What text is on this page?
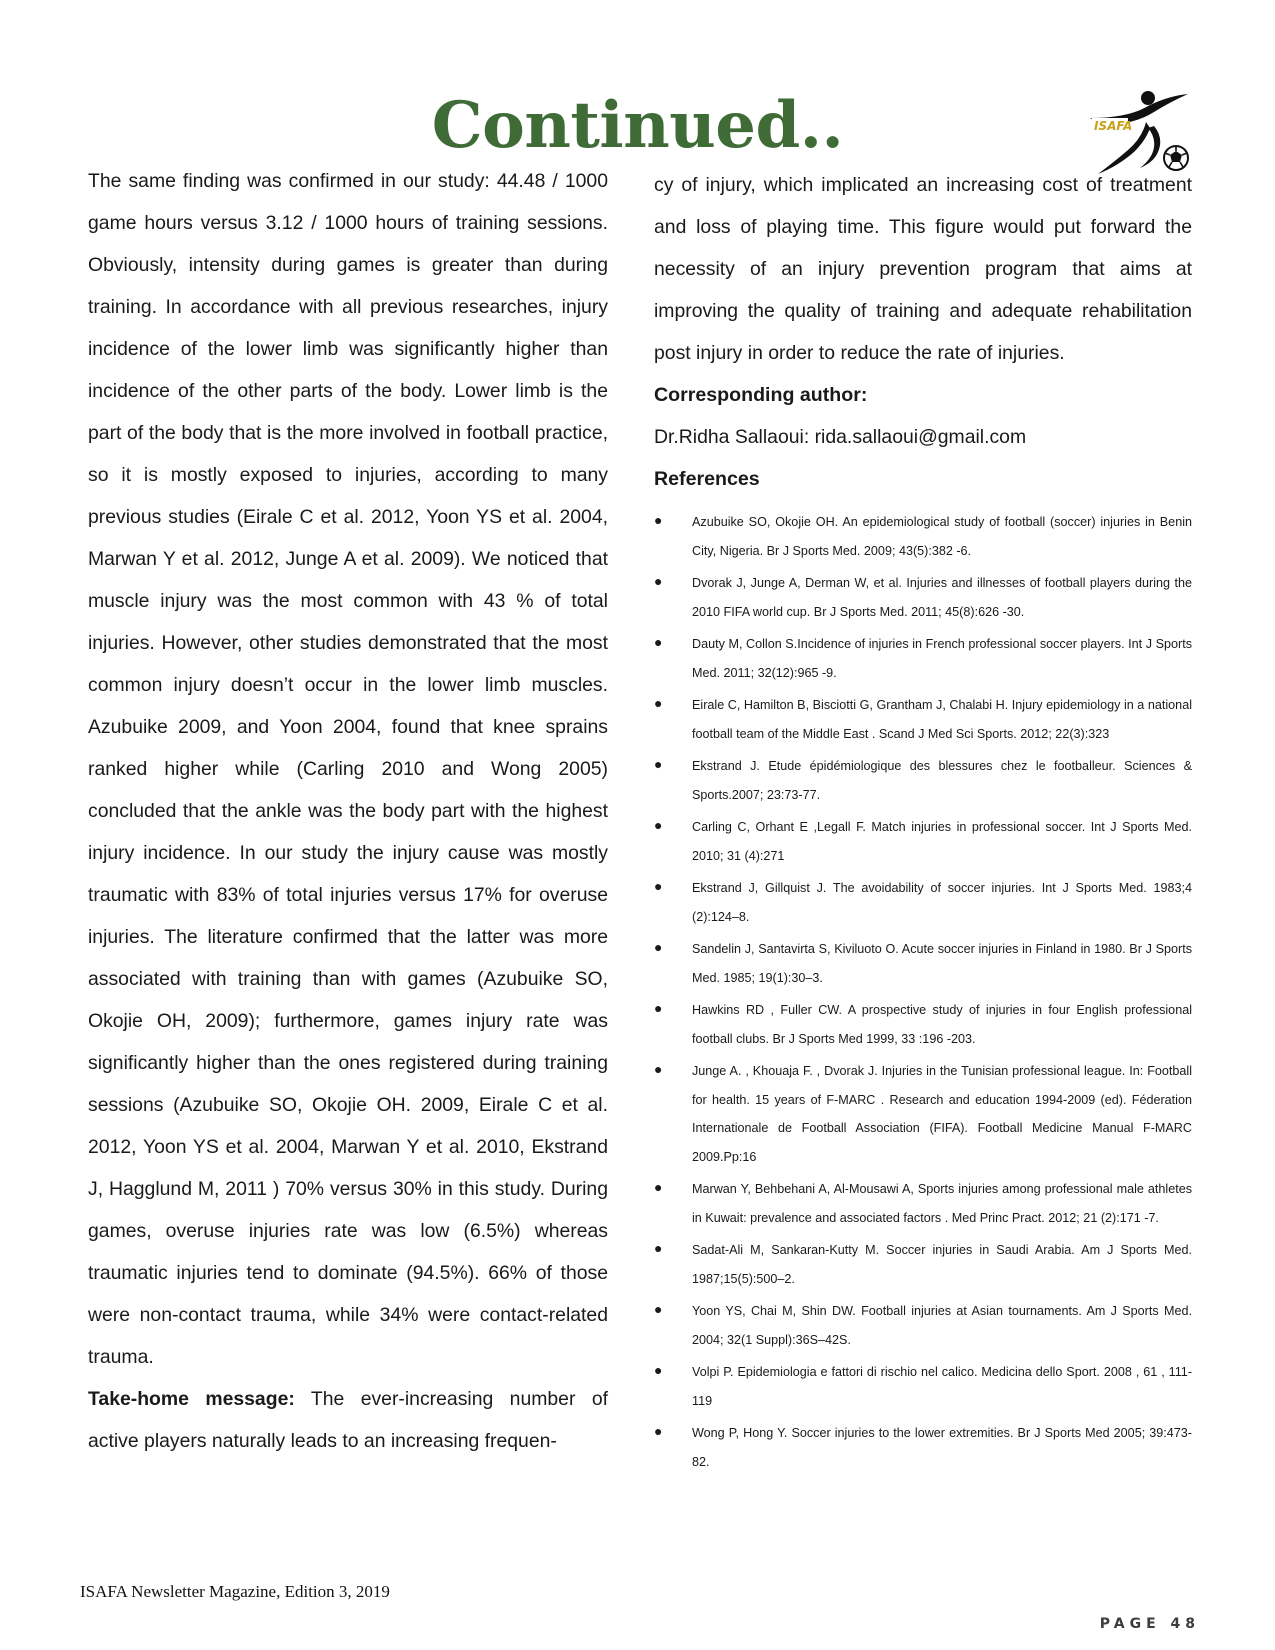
Continued..	ISAFA

The same finding was confirmed in our study: 44.48 / 1000 game hours versus 3.12 / 1000 hours of training sessions. Obviously, intensity during games is greater than during training. In accordance with all previous researches, injury incidence of the lower limb was significantly higher than incidence of the other parts of the body. Lower limb is the part of the body that is the more involved in football practice, so it is mostly exposed to injuries, according to many previous studies (Eirale C et al. 2012, Yoon YS et al. 2004, Marwan Y et al. 2012, Junge A et al. 2009). We noticed that muscle injury was the most common with 43 % of total injuries. However, other studies demonstrated that the most common injury doesn’t occur in the lower limb muscles. Azubuike 2009, and Yoon 2004, found that knee sprains ranked higher while (Carling 2010 and Wong 2005) concluded that the ankle was the body part with the highest injury incidence. In our study the injury cause was mostly traumatic with 83% of total injuries versus 17% for overuse injuries. The literature confirmed that the latter was more associated with training than with games (Azubuike SO, Okojie OH, 2009); furthermore, games injury rate was significantly higher than the ones registered during training sessions (Azubuike SO, Okojie OH. 2009, Eirale C et al. 2012, Yoon YS et al. 2004, Marwan Y et al. 2010, Ekstrand J, Hagglund M, 2011 ) 70% versus 30% in this study. During games, overuse injuries rate was low (6.5%) whereas traumatic injuries tend to dominate (94.5%). 66% of those were non-contact trauma, while 34% were contact-related trauma.

Take-home message: The ever-increasing number of active players naturally leads to an increasing frequen-

cy of injury, which implicated an increasing cost of treatment and loss of playing time. This figure would put forward the necessity of an injury prevention program that aims at improving the quality of training and adequate rehabilitation post injury in order to reduce the rate of injuries.

Corresponding author:

Dr.Ridha Sallaoui: rida.sallaoui@gmail.com

References
● Azubuike SO, Okojie OH. An epidemiological study of football (soccer) injuries in Benin City, Nigeria. Br J Sports Med. 2009; 43(5):382 -6.
● Dvorak J, Junge A, Derman W, et al. Injuries and illnesses of football players during the 2010 FIFA world cup. Br J Sports Med. 2011; 45(8):626 -30.
● Dauty M, Collon S.Incidence of injuries in French professional soccer players. Int J Sports Med. 2011; 32(12):965 -9.
● Eirale C, Hamilton B, Bisciotti G, Grantham J, Chalabi H. Injury epidemiology in a national football team of the Middle East . Scand J Med Sci Sports. 2012; 22(3):323
● Ekstrand J. Etude épidémiologique des blessures chez le footballeur. Sciences & Sports.2007; 23:73-77.
● Carling C, Orhant E ,Legall F. Match injuries in professional soccer. Int J Sports Med. 2010; 31 (4):271
● Ekstrand J, Gillquist J. The avoidability of soccer injuries. Int J Sports Med. 1983;4 (2):124–8.
● Sandelin J, Santavirta S, Kiviluoto O. Acute soccer injuries in Finland in 1980. Br J Sports Med. 1985; 19(1):30–3.
● Hawkins RD , Fuller CW. A prospective study of injuries in four English professional football clubs. Br J Sports Med 1999, 33 :196 -203.
● Junge A. , Khouaja F. , Dvorak J. Injuries in the Tunisian professional league. In: Football for health. 15 years of F-MARC . Research and education 1994-2009 (ed). Féderation Internationale de Football Association (FIFA). Football Medicine Manual F-MARC 2009.Pp:16
● Marwan Y, Behbehani A, Al-Mousawi A, Sports injuries among professional male athletes in Kuwait: prevalence and associated factors . Med Princ Pract. 2012; 21 (2):171 -7.
● Sadat-Ali M, Sankaran-Kutty M. Soccer injuries in Saudi Arabia. Am J Sports Med. 1987;15(5):500–2.
● Yoon YS, Chai M, Shin DW. Football injuries at Asian tournaments. Am J Sports Med. 2004; 32(1 Suppl):36S–42S.
● Volpi P. Epidemiologia e fattori di rischio nel calico. Medicina dello Sport. 2008 , 61 , 111-119
● Wong P, Hong Y. Soccer injuries to the lower extremities. Br J Sports Med 2005; 39:473-82.
ISAFA Newsletter Magazine, Edition 3, 2019
PAGE 48
